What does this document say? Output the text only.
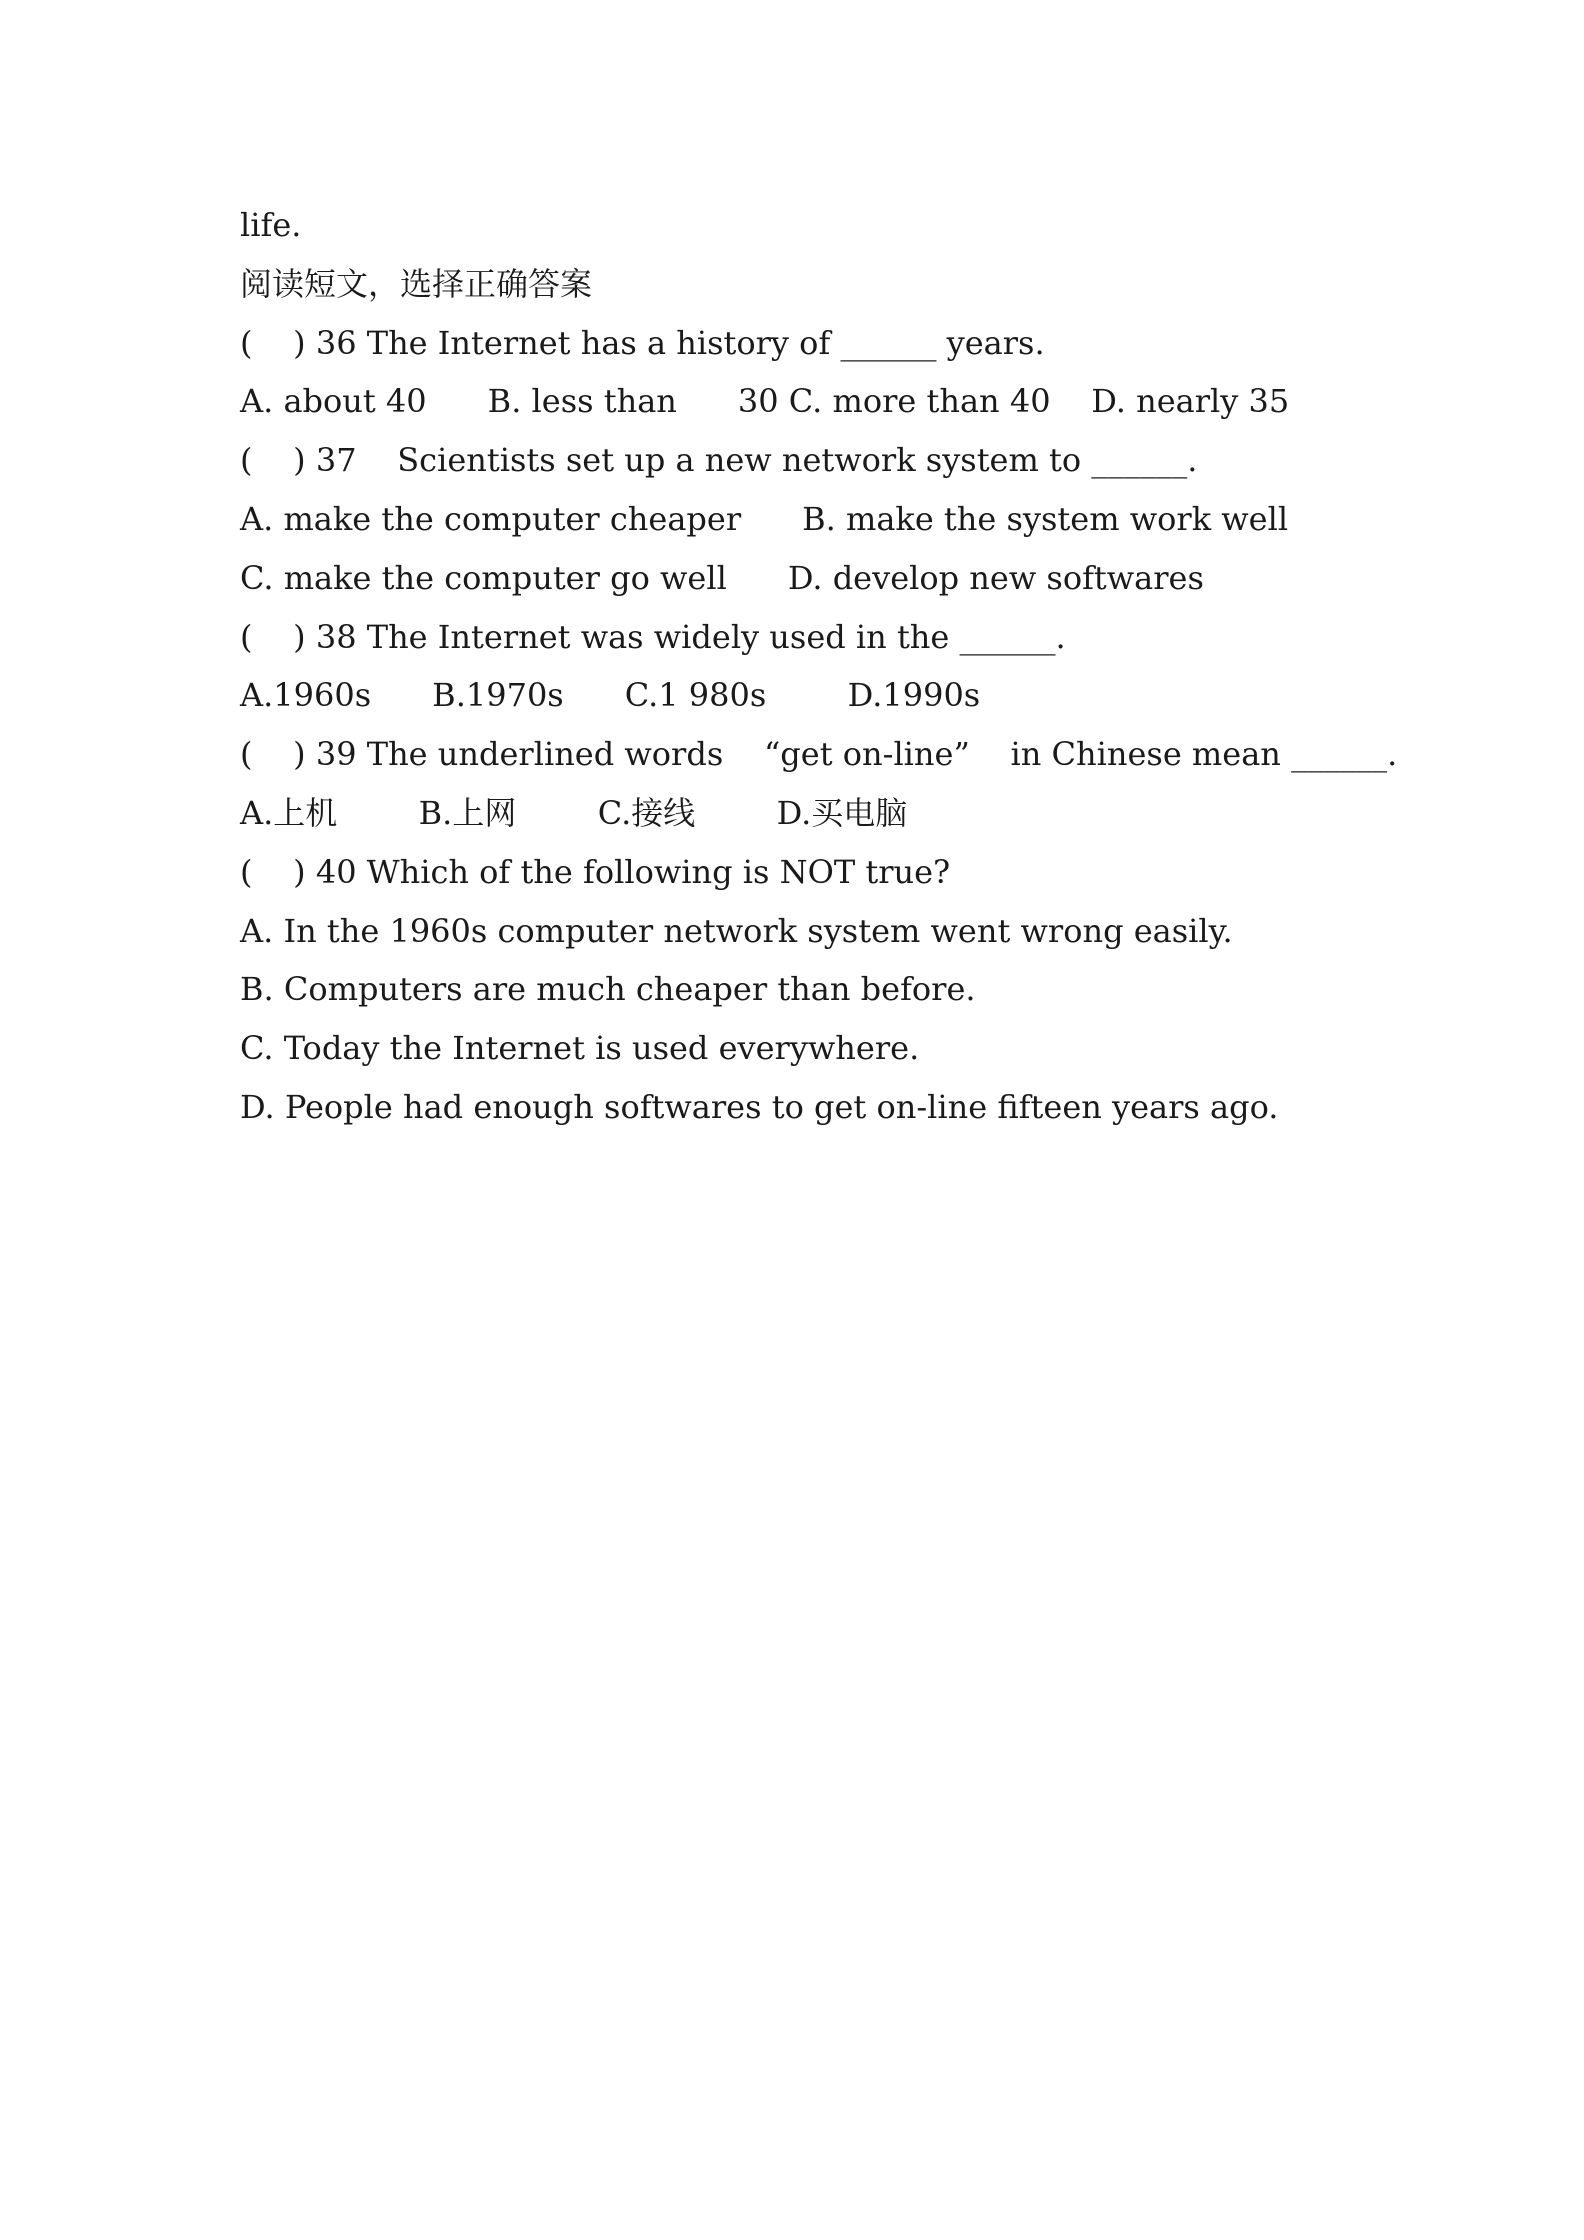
life.
阅读短文，选择正确答案
(    ) 36 The Internet has a history of ______ years.
A. about 40      B. less than      30 C. more than 40    D. nearly 35
(    ) 37    Scientists set up a new network system to ______.
A. make the computer cheaper      B. make the system work well
C. make the computer go well      D. develop new softwares
(    ) 38 The Internet was widely used in the ______.
A.1960s      B.1970s      C.1 980s        D.1990s
(    ) 39 The underlined words    “get on-line”    in Chinese mean ______.
A.上机        B.上网        C.接线        D.买电脑
(    ) 40 Which of the following is NOT true?
A. In the 1960s computer network system went wrong easily.
B. Computers are much cheaper than before.
C. Today the Internet is used everywhere.
D. People had enough softwares to get on-line fifteen years ago.
